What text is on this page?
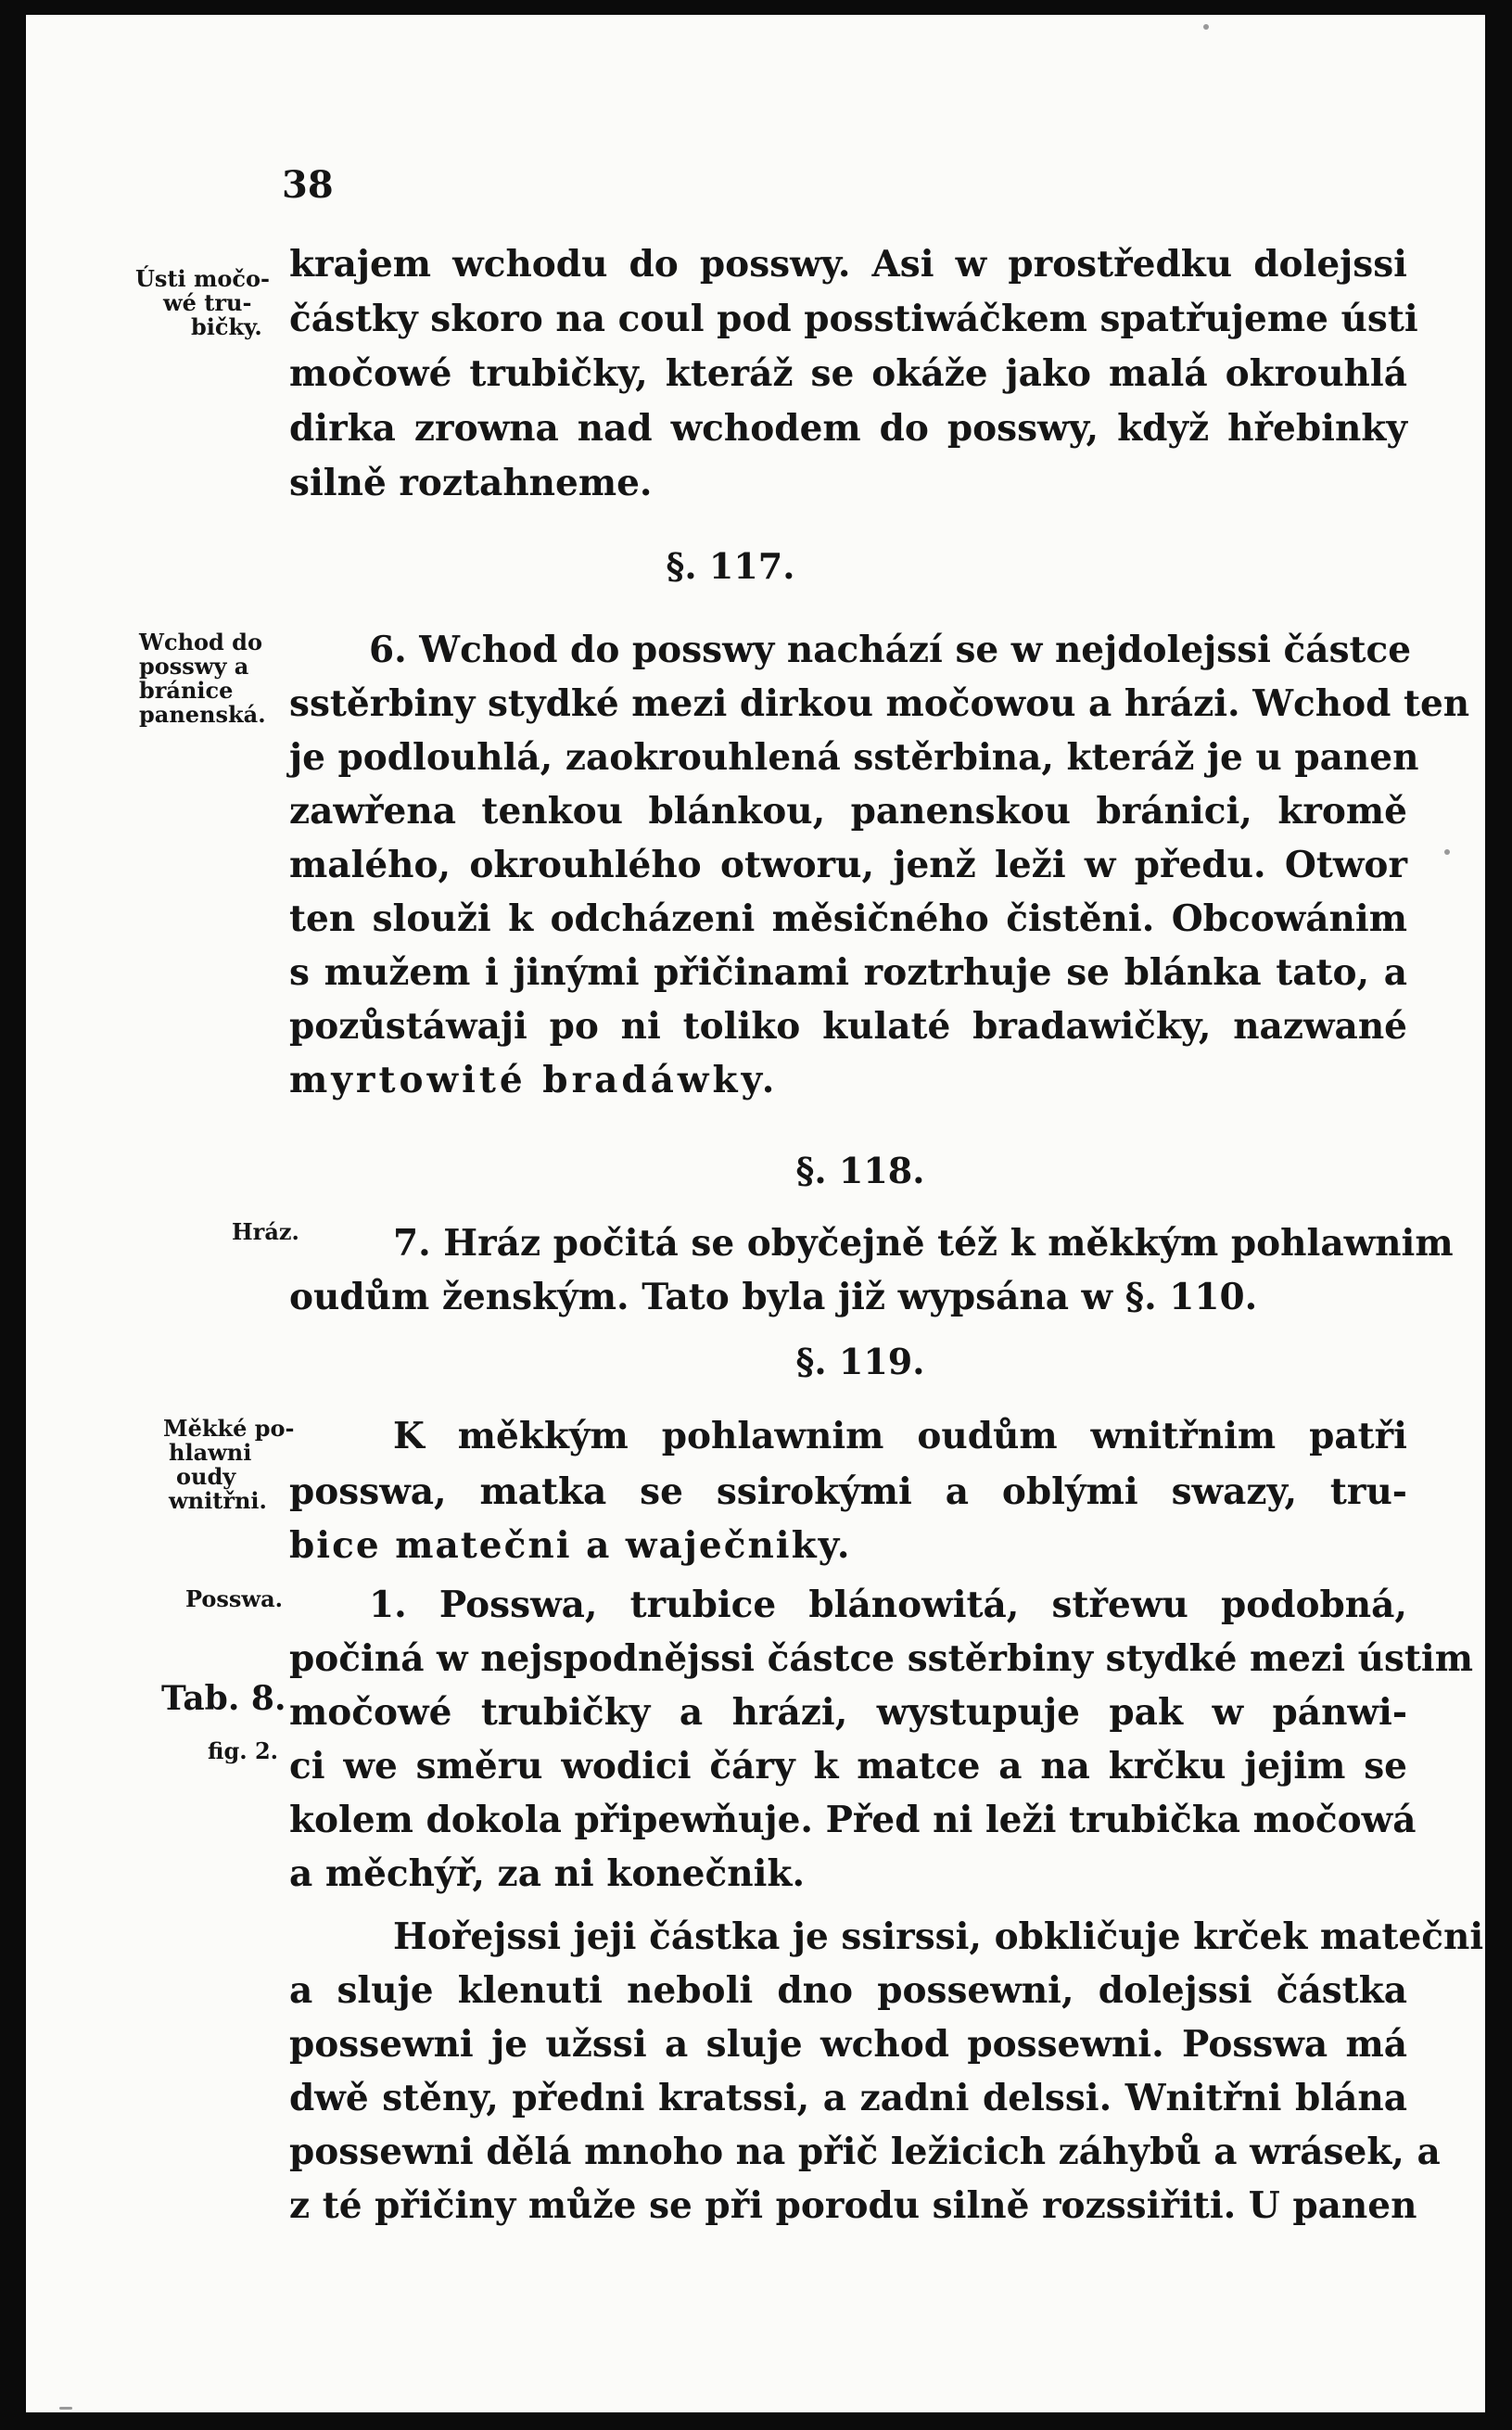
38
Ústi močo-
wé tru-
bičky.
Wchod do
posswy a
bránice
panenská.
Hráz.
Měkké po-
hlawni
oudy
wnitřni.
Posswa.
Tab. 8.
fig. 2.
krajem wchodu do posswy. Asi w prostředku dolejssi
částky skoro na coul pod posstiwáčkem spatřujeme ústi
močowé trubičky, kteráž se okáže jako malá okrouhlá
dirka zrowna nad wchodem do posswy, když hřebinky
silně roztahneme.
§. 117.
6. Wchod do posswy nachází se w nejdolejssi částce
sstěrbiny stydké mezi dirkou močowou a hrázi. Wchod ten
je podlouhlá, zaokrouhlená sstěrbina, kteráž je u panen
zawřena tenkou blánkou, panenskou bránici, kromě
malého, okrouhlého otworu, jenž leži w předu. Otwor
ten slouži k odcházeni měsičného čistěni. Obcowánim
s mužem i jinými přičinami roztrhuje se blánka tato, a
pozůstáwaji po ni toliko kulaté bradawičky, nazwané
myrtowité bradáwky.
§. 118.
7. Hráz počitá se obyčejně též k měkkým pohlawnim
oudům ženským. Tato byla již wypsána w §. 110.
§. 119.
K měkkým pohlawnim oudům wnitřnim patři
posswa, matka se ssirokými a oblými swazy, tru-
bice matečni a waječniky.
1. Posswa, trubice blánowitá, střewu podobná,
počiná w nejspodnějssi částce sstěrbiny stydké mezi ústim
močowé trubičky a hrázi, wystupuje pak w pánwi-
ci we směru wodici čáry k matce a na krčku jejim se
kolem dokola připewňuje. Před ni leži trubička močowá
a měchýř, za ni konečnik.
Hořejssi jeji částka je ssirssi, obkličuje krček matečni
a sluje klenuti neboli dno possewni, dolejssi částka
possewni je užssi a sluje wchod possewni. Posswa má
dwě stěny, předni kratssi, a zadni delssi. Wnitřni blána
possewni dělá mnoho na přič ležicich záhybů a wrásek, a
z té přičiny může se při porodu silně rozssiřiti. U panen
